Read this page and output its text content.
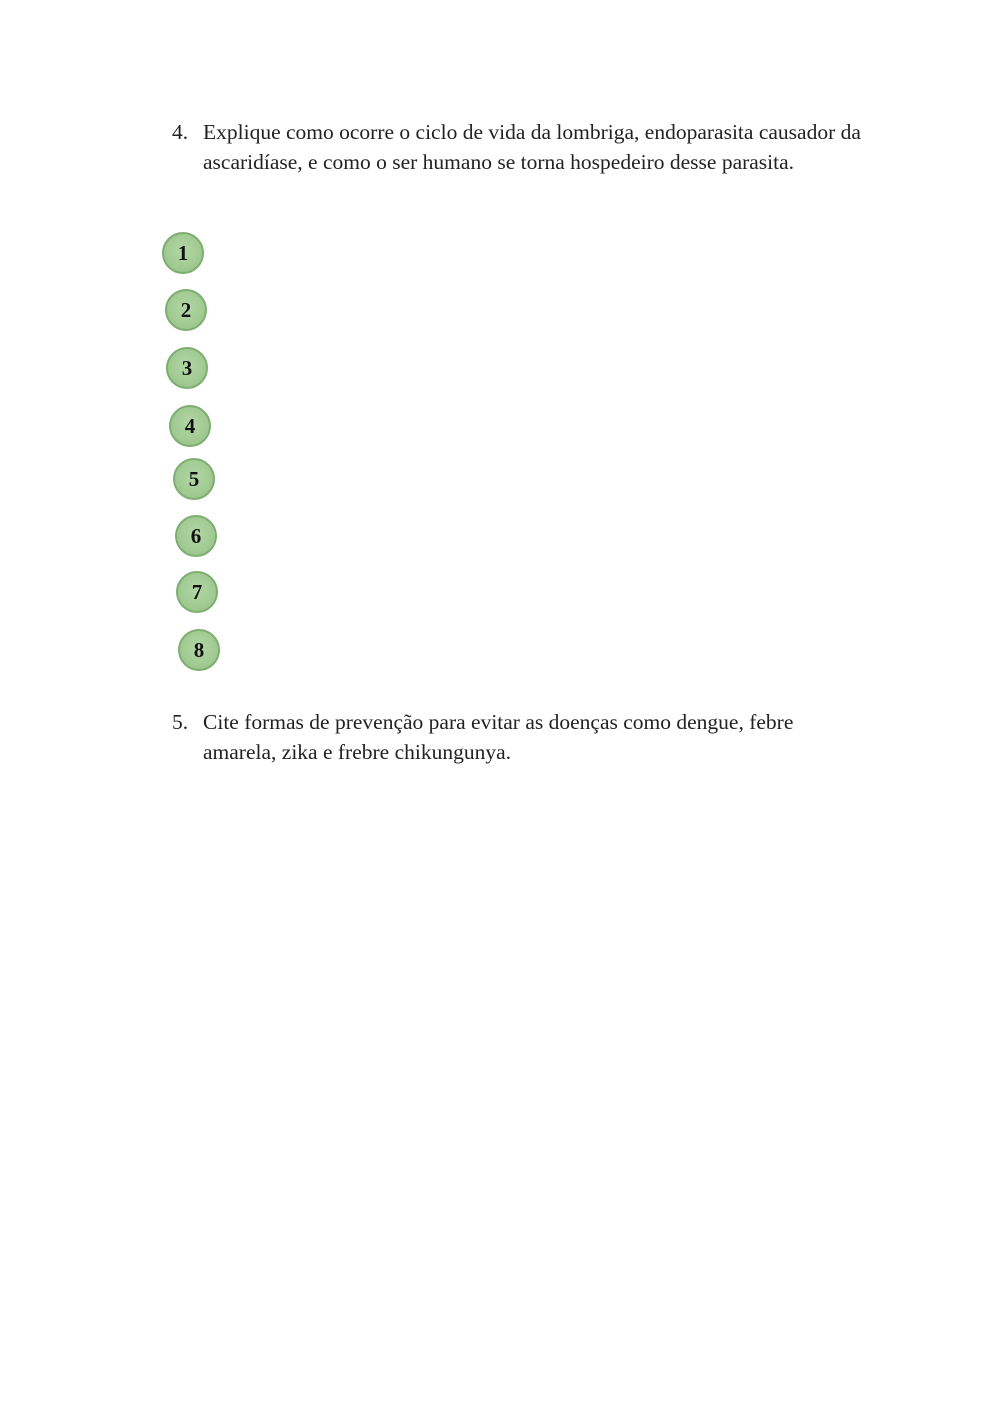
4. Explique como ocorre o ciclo de vida da lombriga, endoparasita causador da ascaridíase, e como o ser humano se torna hospedeiro desse parasita.
1
2
3
4
5
6
7
8
5. Cite formas de prevenção para evitar as doenças como dengue, febre amarela, zika e frebre chikungunya.
